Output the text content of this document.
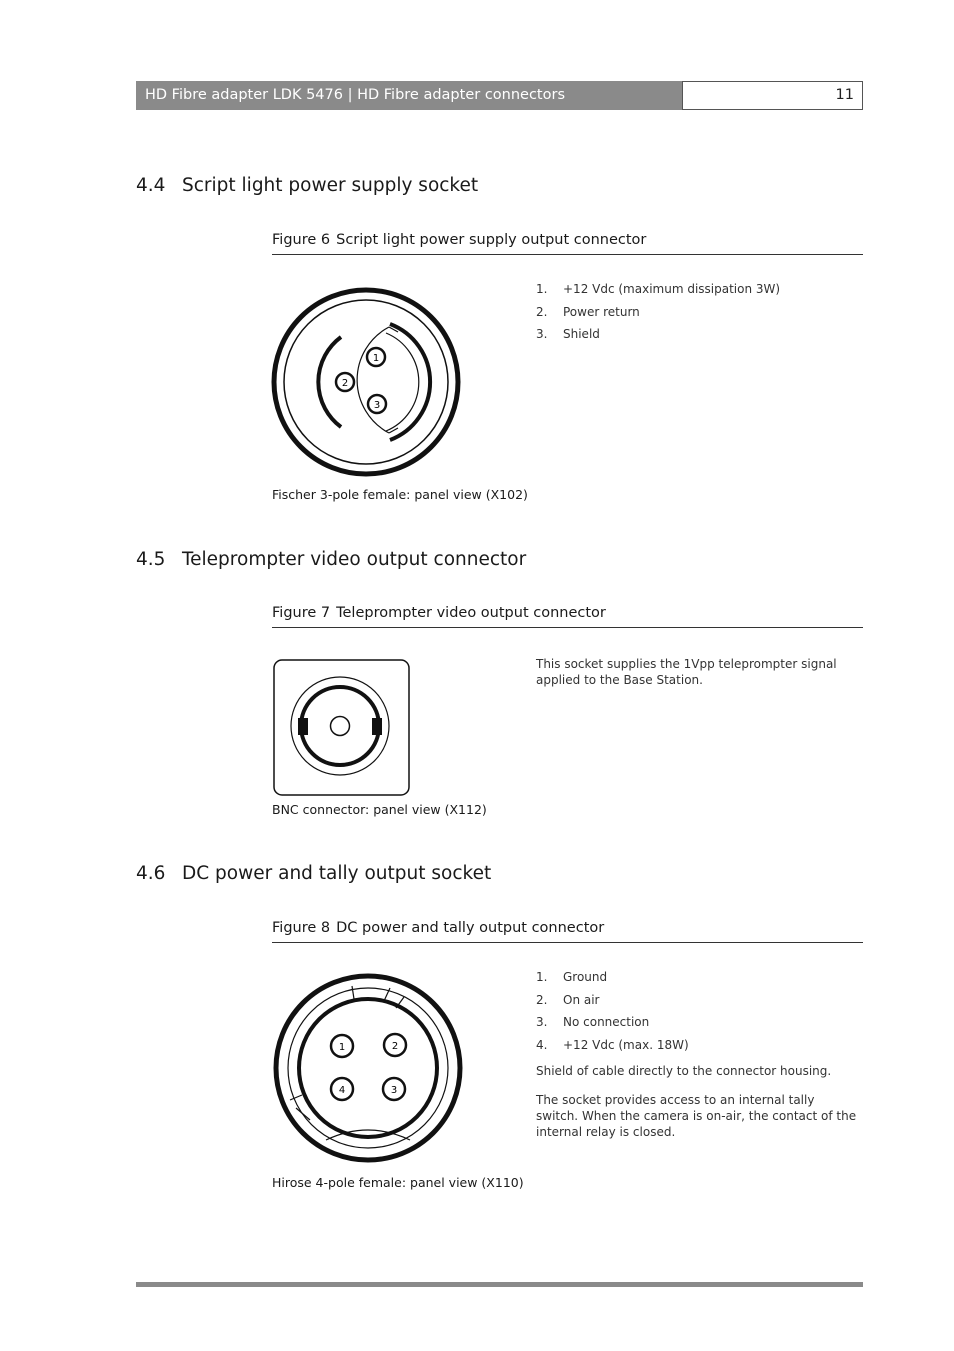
HD Fibre adapter LDK 5476 | HD Fibre adapter connectors	11
4.4 Script light power supply socket
Figure 6 Script light power supply output connector
1
2
3
Fischer 3-pole female: panel view (X102)
1. +12 Vdc (maximum dissipation 3W)
2. Power return
3. Shield
4.5 Teleprompter video output connector
Figure 7 Teleprompter video output connector
BNC connector: panel view (X112)
This socket supplies the 1Vpp teleprompter signal applied to the Base Station.
4.6 DC power and tally output socket
Figure 8 DC power and tally output connector
1	2
3
4
Hirose 4-pole female: panel view (X110)
1. Ground
2. On air
3. No connection
4. +12 Vdc (max. 18W)
Shield of cable directly to the connector housing.
The socket provides access to an internal tally switch. When the camera is on-air, the contact of the internal relay is closed.
